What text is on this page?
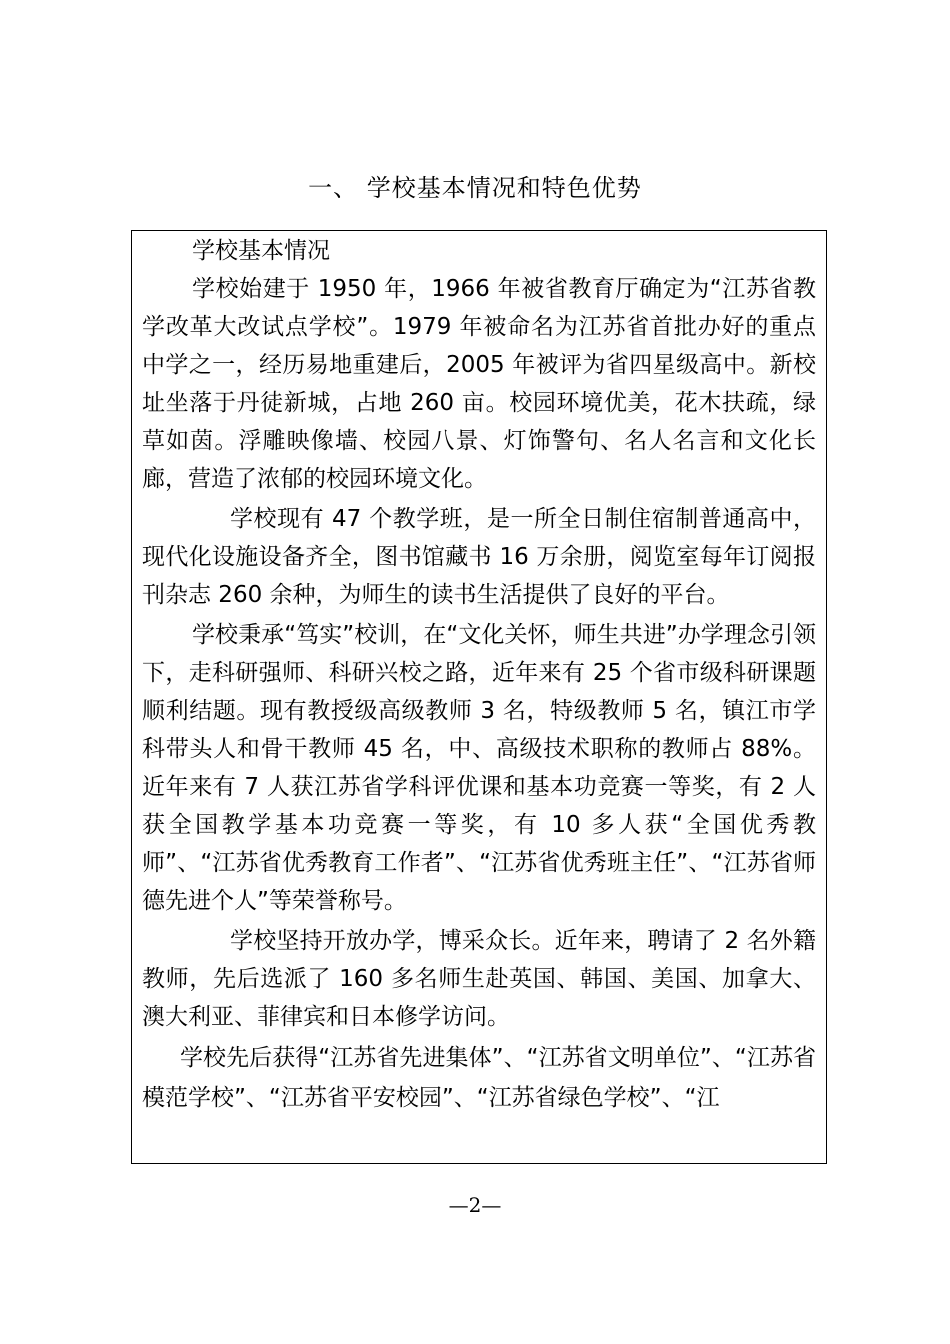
一、 学校基本情况和特色优势

学校基本情况

学校始建于 1950 年，1966 年被省教育厅确定为“江苏省教学改革大改试点学校”。1979 年被命名为江苏省首批办好的重点中学之一，经历易地重建后，2005 年被评为省四星级高中。新校址坐落于丹徒新城，占地 260 亩。校园环境优美，花木扶疏，绿草如茵。浮雕映像墙、校园八景、灯饰警句、名人名言和文化长廊，营造了浓郁的校园环境文化。

学校现有 47 个教学班，是一所全日制住宿制普通高中，现代化设施设备齐全，图书馆藏书 16 万余册，阅览室每年订阅报刊杂志 260 余种，为师生的读书生活提供了良好的平台。

学校秉承“笃实”校训，在“文化关怀，师生共进”办学理念引领下，走科研强师、科研兴校之路，近年来有 25 个省市级科研课题顺利结题。现有教授级高级教师 3 名，特级教师 5 名，镇江市学科带头人和骨干教师 45 名，中、高级技术职称的教师占 88%。近年来有 7 人获江苏省学科评优课和基本功竞赛一等奖，有 2 人获全国教学基本功竞赛一等奖，有 10 多人获“全国优秀教师”、“江苏省优秀教育工作者”、“江苏省优秀班主任”、“江苏省师德先进个人”等荣誉称号。

学校坚持开放办学，博采众长。近年来，聘请了 2 名外籍教师，先后选派了 160 多名师生赴英国、韩国、美国、加拿大、澳大利亚、菲律宾和日本修学访问。

学校先后获得“江苏省先进集体”、“江苏省文明单位”、“江苏省模范学校”、“江苏省平安校园”、“江苏省绿色学校”、“江

—2—
